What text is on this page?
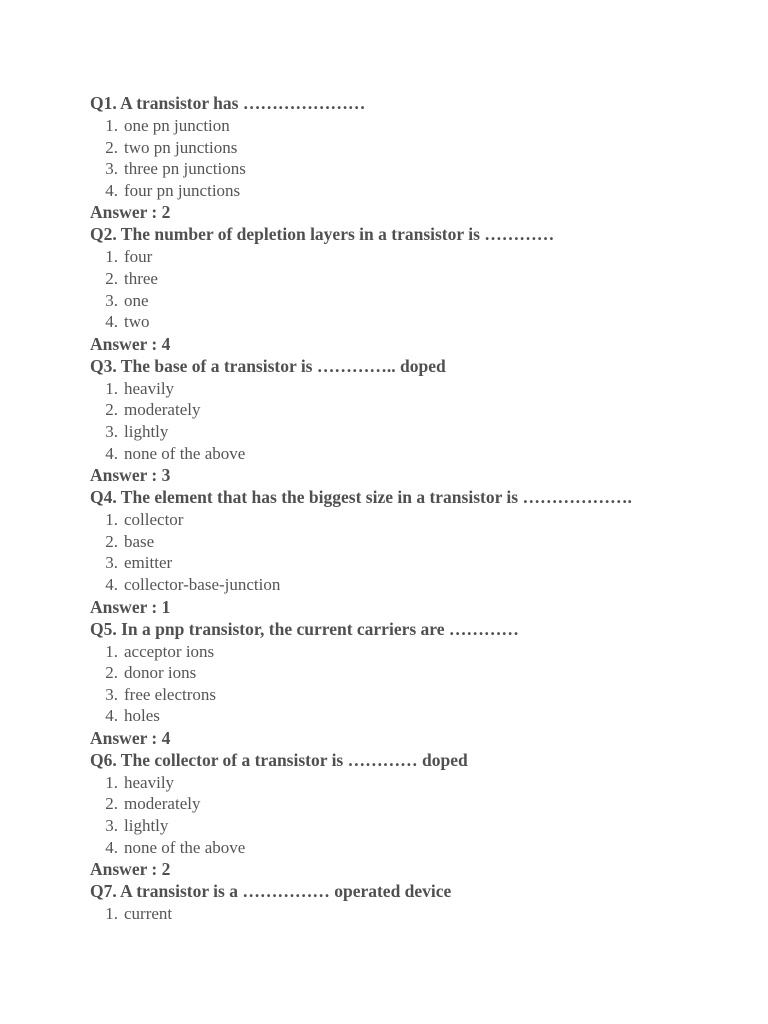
Q1. A transistor has …………………
1 . one pn junction
2 . two pn junctions
3 . three pn junctions
4 . four pn junctions
Answer : 2
Q2. The number of depletion layers in a transistor is …………
1 . four
2 . three
3 . one
4 . two
Answer : 4
Q3. The base of a transistor is ………….. doped
1 . heavily
2 . moderately
3 . lightly
4 . none of the above
Answer : 3
Q4. The element that has the biggest size in a transistor is ……………….
1 . collector
2 . base
3 . emitter
4 . collector-base-junction
Answer : 1
Q5. In a pnp transistor, the current carriers are …………
1 . acceptor ions
2 . donor ions
3 . free electrons
4 . holes
Answer : 4
Q6. The collector of a transistor is ………… doped
1 . heavily
2 . moderately
3 . lightly
4 . none of the above
Answer : 2
Q7. A transistor is a …………… operated device
1 . current
